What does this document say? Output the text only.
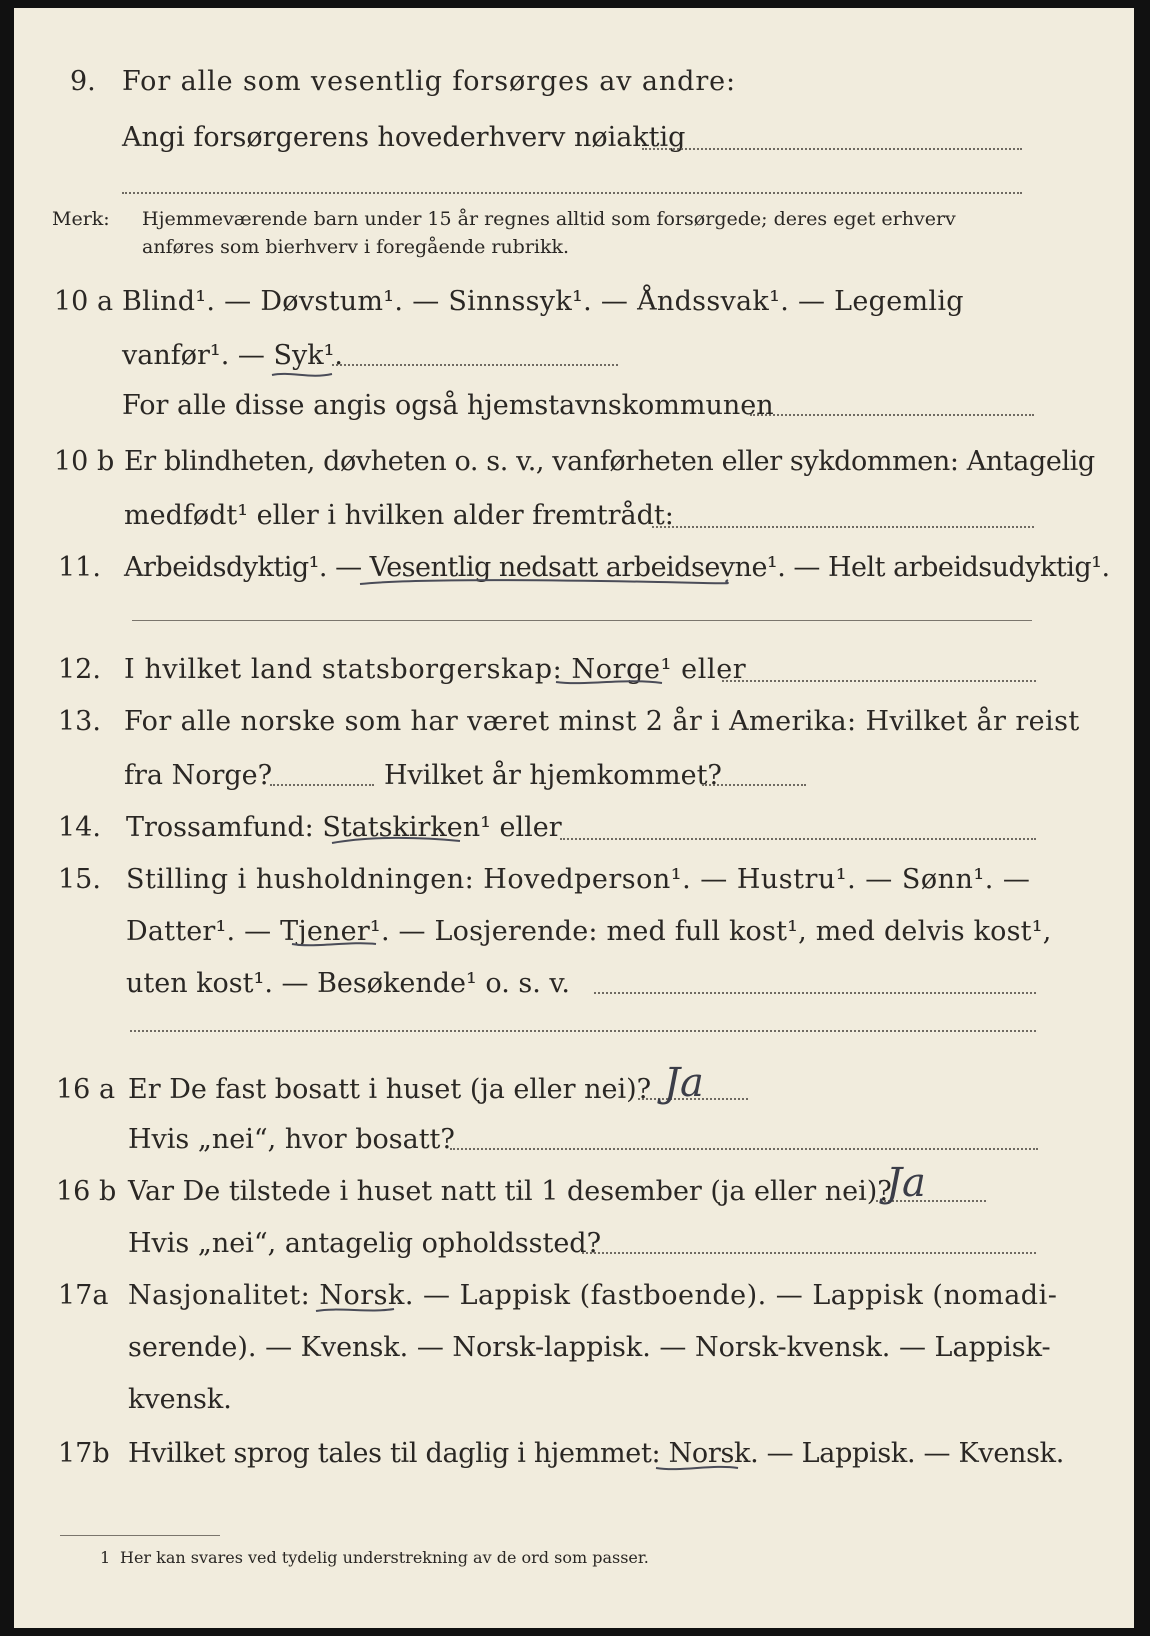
9. For alle som vesentlig forsørges av andre:
Angi forsørgerens hovederhverv nøiaktig
Merk: Hjemmeværende barn under 15 år regnes alltid som forsørgede; deres eget erhverv
anføres som bierhverv i foregående rubrikk.
10 a Blind¹. — Døvstum¹. — Sinnssyk¹. — Åndssvak¹. — Legemlig
vanfør¹. — Syk¹.
For alle disse angis også hjemstavnskommunen
10 b Er blindheten, døvheten o. s. v., vanførheten eller sykdommen: Antagelig
medfødt¹ eller i hvilken alder fremtrådt:
11. Arbeidsdyktig¹. — Vesentlig nedsatt arbeidsevne¹. — Helt arbeidsudyktig¹.
12. I hvilket land statsborgerskap: Norge¹ eller
13. For alle norske som har været minst 2 år i Amerika: Hvilket år reist
fra Norge?	Hvilket år hjemkommet?
14. Trossamfund: Statskirken¹ eller
15. Stilling i husholdningen: Hovedperson¹. — Hustru¹. — Sønn¹. —
Datter¹. — Tjener¹. — Losjerende: med full kost¹, med delvis kost¹,
uten kost¹. — Besøkende¹ o. s. v.
16 a Er De fast bosatt i huset (ja eller nei)? Ja
Hvis „nei“, hvor bosatt?
16 b Var De tilstede i huset natt til 1 desember (ja eller nei)?
Ja
Hvis „nei“, antagelig opholdssted?
17a Nasjonalitet: Norsk. — Lappisk (fastboende). — Lappisk (nomadi-
serende). — Kvensk. — Norsk-lappisk. — Norsk-kvensk. — Lappisk-
kvensk.
17b Hvilket sprog tales til daglig i hjemmet: Norsk. — Lappisk. — Kvensk.
1 Her kan svares ved tydelig understrekning av de ord som passer.
